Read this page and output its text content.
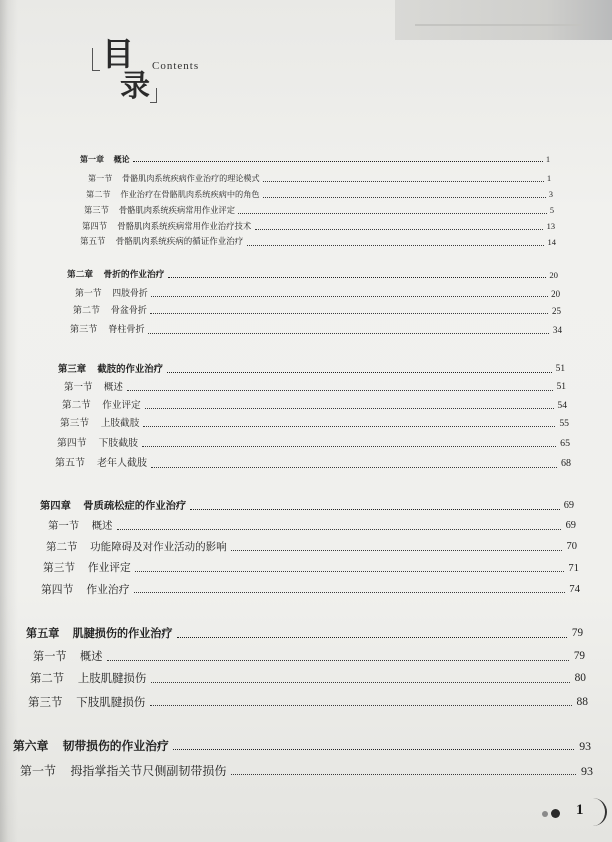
目 Contents
录
第一章 概论	1
第一节 骨骼肌肉系统疾病作业治疗的理论模式	1
第二节 作业治疗在骨骼肌肉系统疾病中的角色	3
第三节 骨骼肌肉系统疾病常用作业评定	5
第四节 骨骼肌肉系统疾病常用作业治疗技术	13
第五节 骨骼肌肉系统疾病的循证作业治疗	14
第二章 骨折的作业治疗	20
第一节 四肢骨折	20
第二节 骨盆骨折	25
第三节 脊柱骨折	34
第三章 截肢的作业治疗	51
第一节 概述	51
第二节 作业评定	54
第三节 上肢截肢	55
第四节 下肢截肢	65
第五节 老年人截肢	68
第四章 骨质疏松症的作业治疗	69
第一节 概述	69
第二节 功能障碍及对作业活动的影响	70
第三节 作业评定	71
第四节 作业治疗	74
第五章 肌腱损伤的作业治疗	79
第一节 概述	79
第二节 上肢肌腱损伤	80
第三节 下肢肌腱损伤	88
第六章 韧带损伤的作业治疗	93
第一节 拇指掌指关节尺侧副韧带损伤	93
1
